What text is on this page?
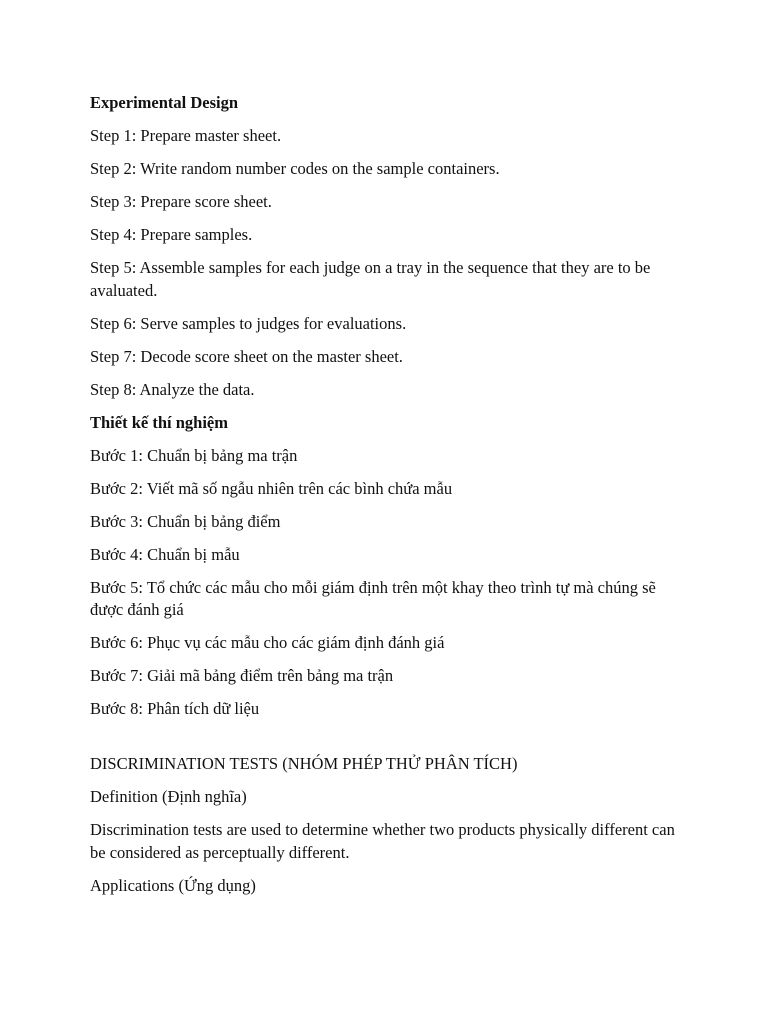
Experimental Design

Step 1: Prepare master sheet.

Step 2: Write random number codes on the sample containers.

Step 3: Prepare score sheet.

Step 4: Prepare samples.

Step 5: Assemble samples for each judge on a tray in the sequence that they are to be avaluated.

Step 6: Serve samples to judges for evaluations.

Step 7: Decode score sheet on the master sheet.

Step 8: Analyze the data.

Thiết kế thí nghiệm

Bước 1: Chuẩn bị bảng ma trận

Bước 2: Viết mã số ngẫu nhiên trên các bình chứa mẫu

Bước 3: Chuẩn bị bảng điểm

Bước 4: Chuẩn bị mẫu

Bước 5: Tổ chức các mẫu cho mỗi giám định trên một khay theo trình tự mà chúng sẽ được đánh giá

Bước 6: Phục vụ các mẫu cho các giám định đánh giá

Bước 7: Giải mã bảng điểm trên bảng ma trận

Bước 8: Phân tích dữ liệu

DISCRIMINATION TESTS (NHÓM PHÉP THỬ PHÂN TÍCH)

Definition (Định nghĩa)

Discrimination tests are used to determine whether two products physically different can be considered as perceptually different.

Applications (Ứng dụng)
